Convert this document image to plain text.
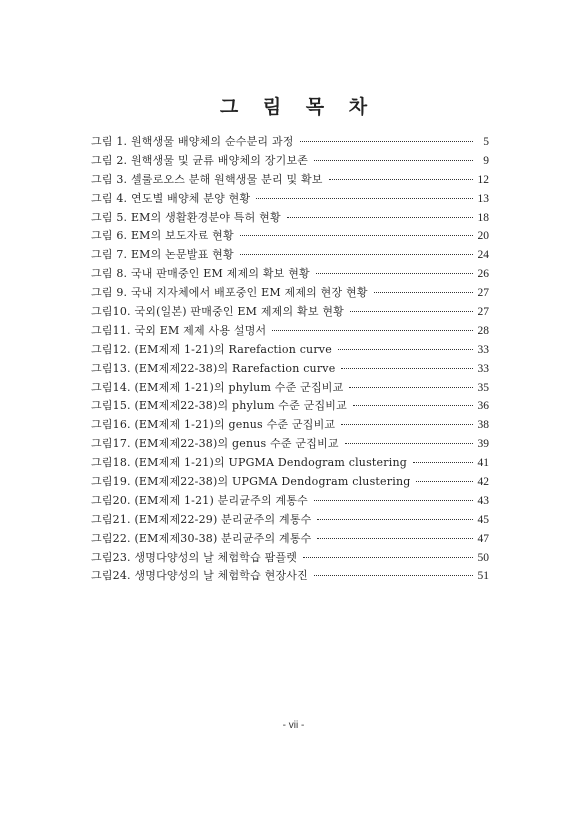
그 림 목 차
그림 1. 원핵생물 배양체의 순수분리 과정	5
그림 2. 원핵생물 및 균류 배양체의 장기보존	9
그림 3. 셀룰로오스 분해 원핵생물 분리 및 확보	12
그림 4. 연도별 배양체 분양 현황	13
그림 5. EM의 생활환경분야 특허 현황	18
그림 6. EM의 보도자료 현황	20
그림 7. EM의 논문발표 현황	24
그림 8. 국내 판매중인 EM 제제의 확보 현황	26
그림 9. 국내 지자체에서 배포중인 EM 제제의 현장 현황	27
그림10. 국외(일본) 판매중인 EM 제제의 확보 현황	27
그림11. 국외 EM 제제 사용 설명서	28
그림12. (EM제제 1-21)의 Rarefaction curve	33
그림13. (EM제제22-38)의 Rarefaction curve	33
그림14. (EM제제 1-21)의 phylum 수준 군집비교	35
그림15. (EM제제22-38)의 phylum 수준 군집비교	36
그림16. (EM제제 1-21)의 genus 수준 군집비교	38
그림17. (EM제제22-38)의 genus 수준 군집비교	39
그림18. (EM제제 1-21)의 UPGMA Dendogram clustering	41
그림19. (EM제제22-38)의 UPGMA Dendogram clustering	42
그림20. (EM제제 1-21) 분리균주의 계통수	43
그림21. (EM제제22-29) 분리균주의 계통수	45
그림22. (EM제제30-38) 분리균주의 계통수	47
그림23. 생명다양성의 날 체험학습 팜플렛	50
그림24. 생명다양성의 날 체험학습 현장사진	51
- vii -
